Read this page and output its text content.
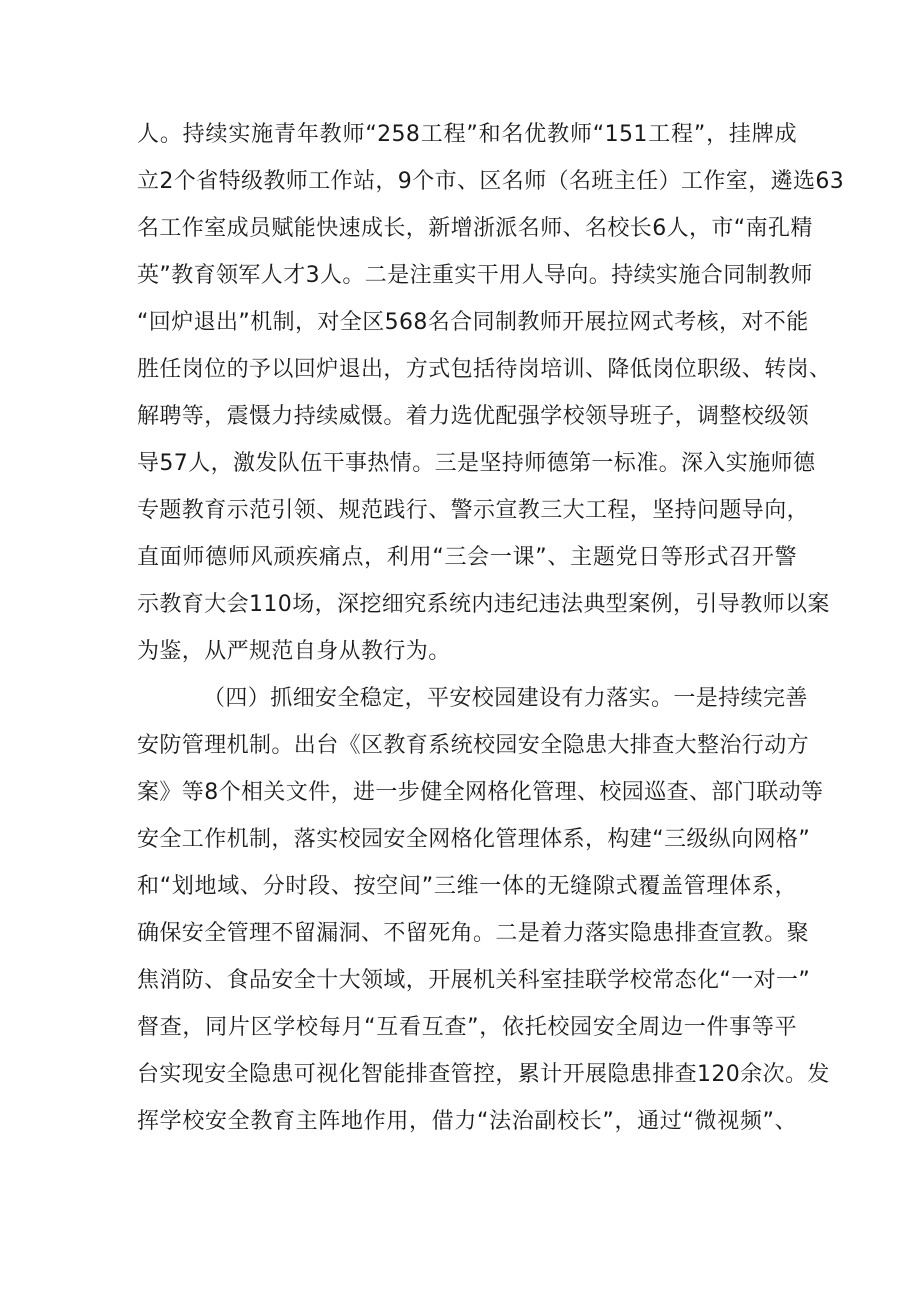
人。持续实施青年教师“258工程”和名优教师“151工程”，挂牌成
立2个省特级教师工作站，9个市、区名师（名班主任）工作室，遴选63
名工作室成员赋能快速成长，新增浙派名师、名校长6人，市“南孔精
英”教育领军人才3人。二是注重实干用人导向。持续实施合同制教师
“回炉退出”机制，对全区568名合同制教师开展拉网式考核，对不能
胜任岗位的予以回炉退出，方式包括待岗培训、降低岗位职级、转岗、
解聘等，震慑力持续威慑。着力选优配强学校领导班子，调整校级领
导57人，激发队伍干事热情。三是坚持师德第一标准。深入实施师德
专题教育示范引领、规范践行、警示宣教三大工程，坚持问题导向，
直面师德师风顽疾痛点，利用“三会一课”、主题党日等形式召开警
示教育大会110场，深挖细究系统内违纪违法典型案例，引导教师以案
为鉴，从严规范自身从教行为。
（四）抓细安全稳定，平安校园建设有力落实。一是持续完善
安防管理机制。出台《区教育系统校园安全隐患大排查大整治行动方
案》等8个相关文件，进一步健全网格化管理、校园巡查、部门联动等
安全工作机制，落实校园安全网格化管理体系，构建“三级纵向网格”
和“划地域、分时段、按空间”三维一体的无缝隙式覆盖管理体系，
确保安全管理不留漏洞、不留死角。二是着力落实隐患排查宣教。聚
焦消防、食品安全十大领域，开展机关科室挂联学校常态化“一对一”
督查，同片区学校每月“互看互查”，依托校园安全周边一件事等平
台实现安全隐患可视化智能排查管控，累计开展隐患排查120余次。发
挥学校安全教育主阵地作用，借力“法治副校长”，通过“微视频”、
